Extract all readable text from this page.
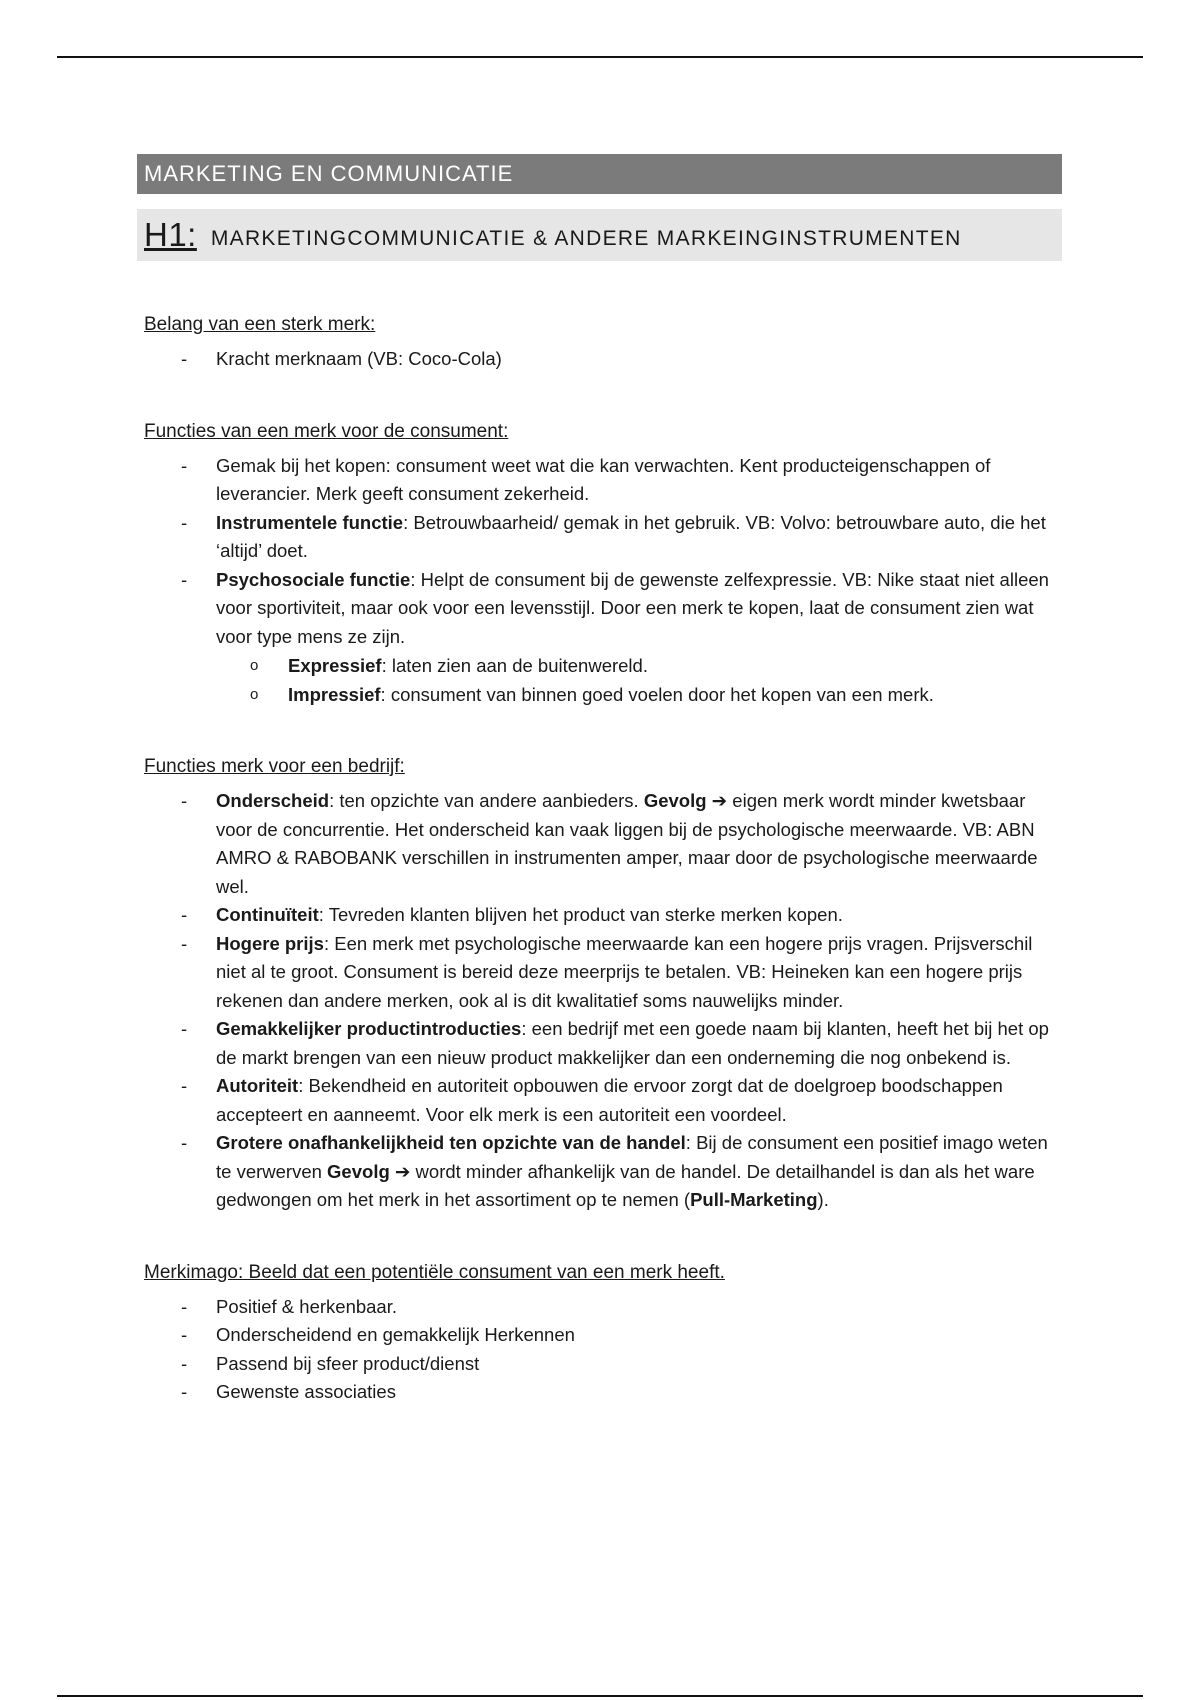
MARKETING EN COMMUNICATIE
H1: MARKETINGCOMMUNICATIE & ANDERE MARKEINGINSTRUMENTEN

Belang van een sterk merk:

- Kracht merknaam (VB: Coco-Cola)

Functies van een merk voor de consument:

- Gemak bij het kopen: consument weet wat die kan verwachten. Kent producteigenschappen of leverancier. Merk geeft consument zekerheid.
- Instrumentele functie: Betrouwbaarheid/ gemak in het gebruik. VB: Volvo: betrouwbare auto, die het ‘altijd’ doet.
- Psychosociale functie: Helpt de consument bij de gewenste zelfexpressie. VB: Nike staat niet alleen voor sportiviteit, maar ook voor een levensstijl. Door een merk te kopen, laat de consument zien wat voor type mens ze zijn.
o Expressief: laten zien aan de buitenwereld.
o Impressief: consument van binnen goed voelen door het kopen van een merk.

Functies merk voor een bedrijf:

- Onderscheid: ten opzichte van andere aanbieders. Gevolg ➔ eigen merk wordt minder kwetsbaar voor de concurrentie. Het onderscheid kan vaak liggen bij de psychologische meerwaarde. VB: ABN AMRO & RABOBANK verschillen in instrumenten amper, maar door de psychologische meerwaarde wel.
- Continuïteit: Tevreden klanten blijven het product van sterke merken kopen.
- Hogere prijs: Een merk met psychologische meerwaarde kan een hogere prijs vragen. Prijsverschil niet al te groot. Consument is bereid deze meerprijs te betalen. VB: Heineken kan een hogere prijs rekenen dan andere merken, ook al is dit kwalitatief soms nauwelijks minder.
- Gemakkelijker productintroducties: een bedrijf met een goede naam bij klanten, heeft het bij het op de markt brengen van een nieuw product makkelijker dan een onderneming die nog onbekend is.
- Autoriteit: Bekendheid en autoriteit opbouwen die ervoor zorgt dat de doelgroep boodschappen accepteert en aanneemt. Voor elk merk is een autoriteit een voordeel.
- Grotere onafhankelijkheid ten opzichte van de handel: Bij de consument een positief imago weten te verwerven Gevolg ➔ wordt minder afhankelijk van de handel. De detailhandel is dan als het ware gedwongen om het merk in het assortiment op te nemen (Pull-Marketing).

Merkimago: Beeld dat een potentiële consument van een merk heeft.

- Positief & herkenbaar.
- Onderscheidend en gemakkelijk Herkennen
- Passend bij sfeer product/dienst
- Gewenste associaties
